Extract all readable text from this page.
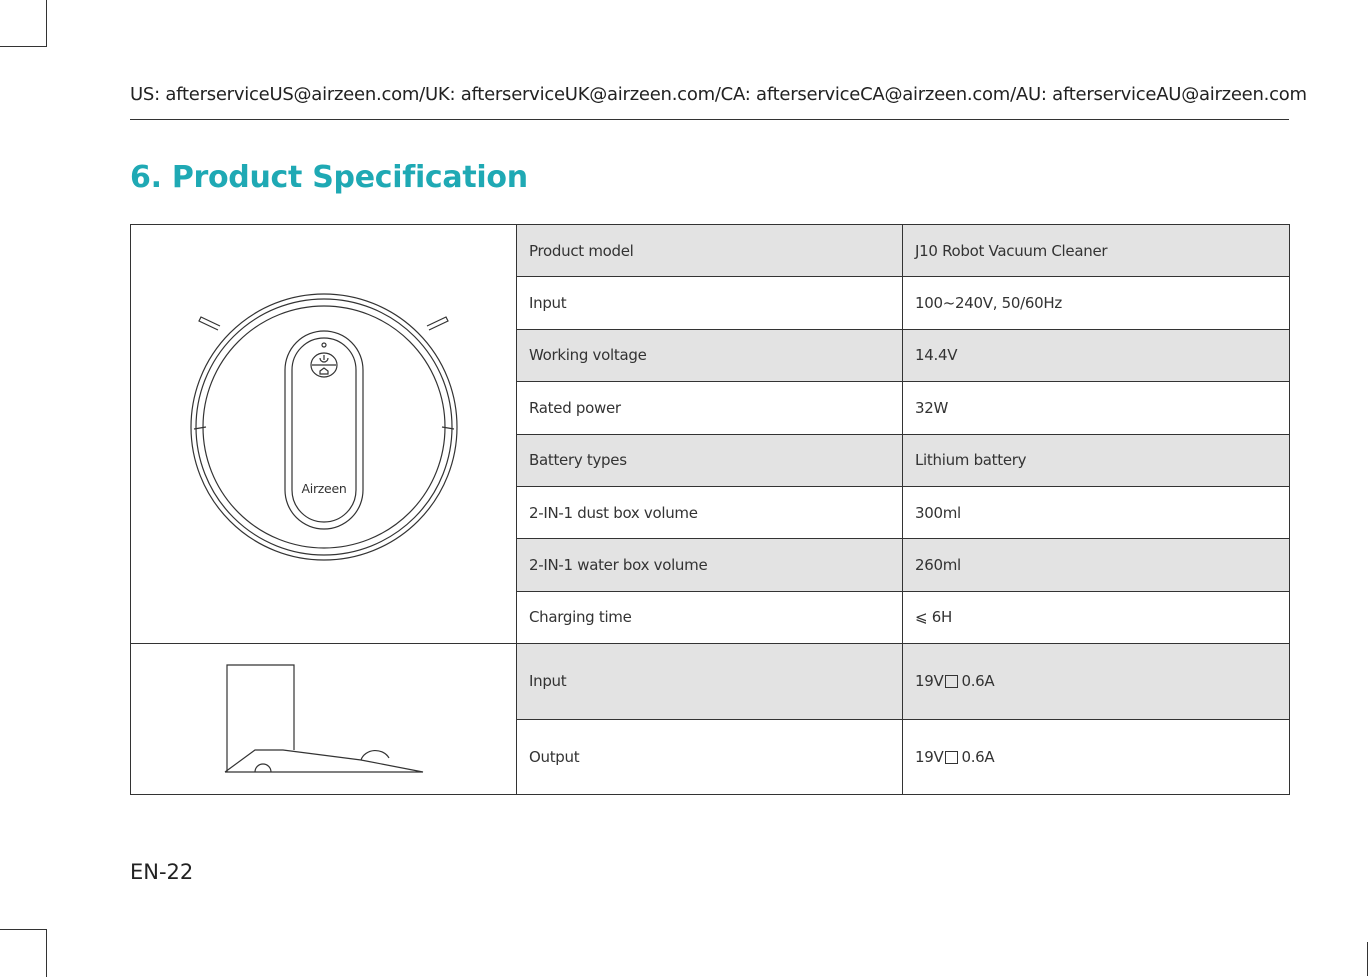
US: afterserviceUS@airzeen.com/UK: afterserviceUK@airzeen.com/CA: afterserviceCA@airzeen.com/AU: afterserviceAU@airzeen.com
6. Product Specification
Airzeen	Product model	J10 Robot Vacuum Cleaner
	Input	100~240V, 50/60Hz
	Working voltage	14.4V
	Rated power	32W
	Battery types	Lithium battery
	2-IN-1 dust box volume	300ml
	2-IN-1 water box volume	260ml
	Charging time	⩽ 6H

	Input	19V 0.6A
	Output	19V 0.6A
EN-22
